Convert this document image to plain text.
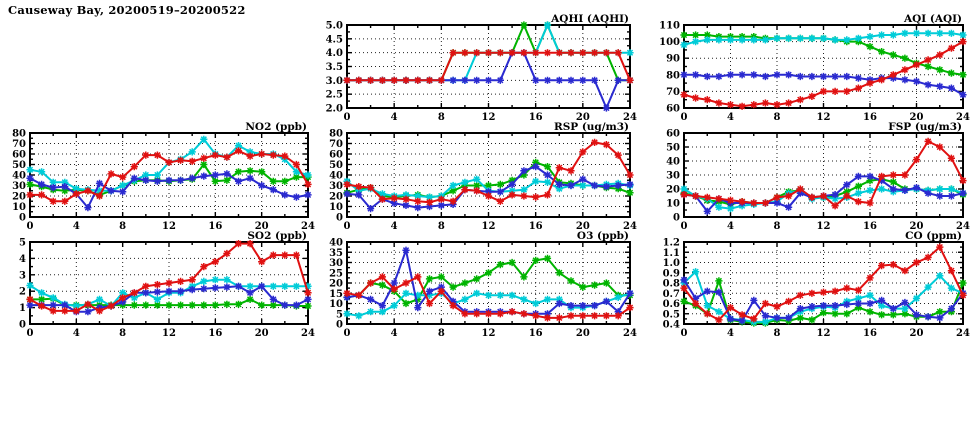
Causeway Bay, 20200519–20200522
0	4	8	12	16	20	24
2.0
2.5
3.0
3.5
4.0
4.5
5.0
AQHI (AQHI)
0	4	8	12	16	20	24
60
70
80
90
100
110
AQI (AQI)
0	4	8	12	16	20	24
0
10
20
30
40
50
60
70
80
NO2 (ppb)
0	4	8	12	16	20	24
0
10
20
30
40
50
60
70
80
RSP (ug/m3)
0	4	8	12	16	20	24
0
10
20
30
40
50
60
FSP (ug/m3)
0	4	8	12	16	20	24
0
1
2
3
4
5
SO2 (ppb)
0	4	8	12	16	20	24
0
5
10
15
20
25
30
35
40
O3 (ppb)
0	4	8	12	16	20	24
0.4
0.5
0.6
0.7
0.8
0.9
1.0
1.1
1.2
CO (ppm)
